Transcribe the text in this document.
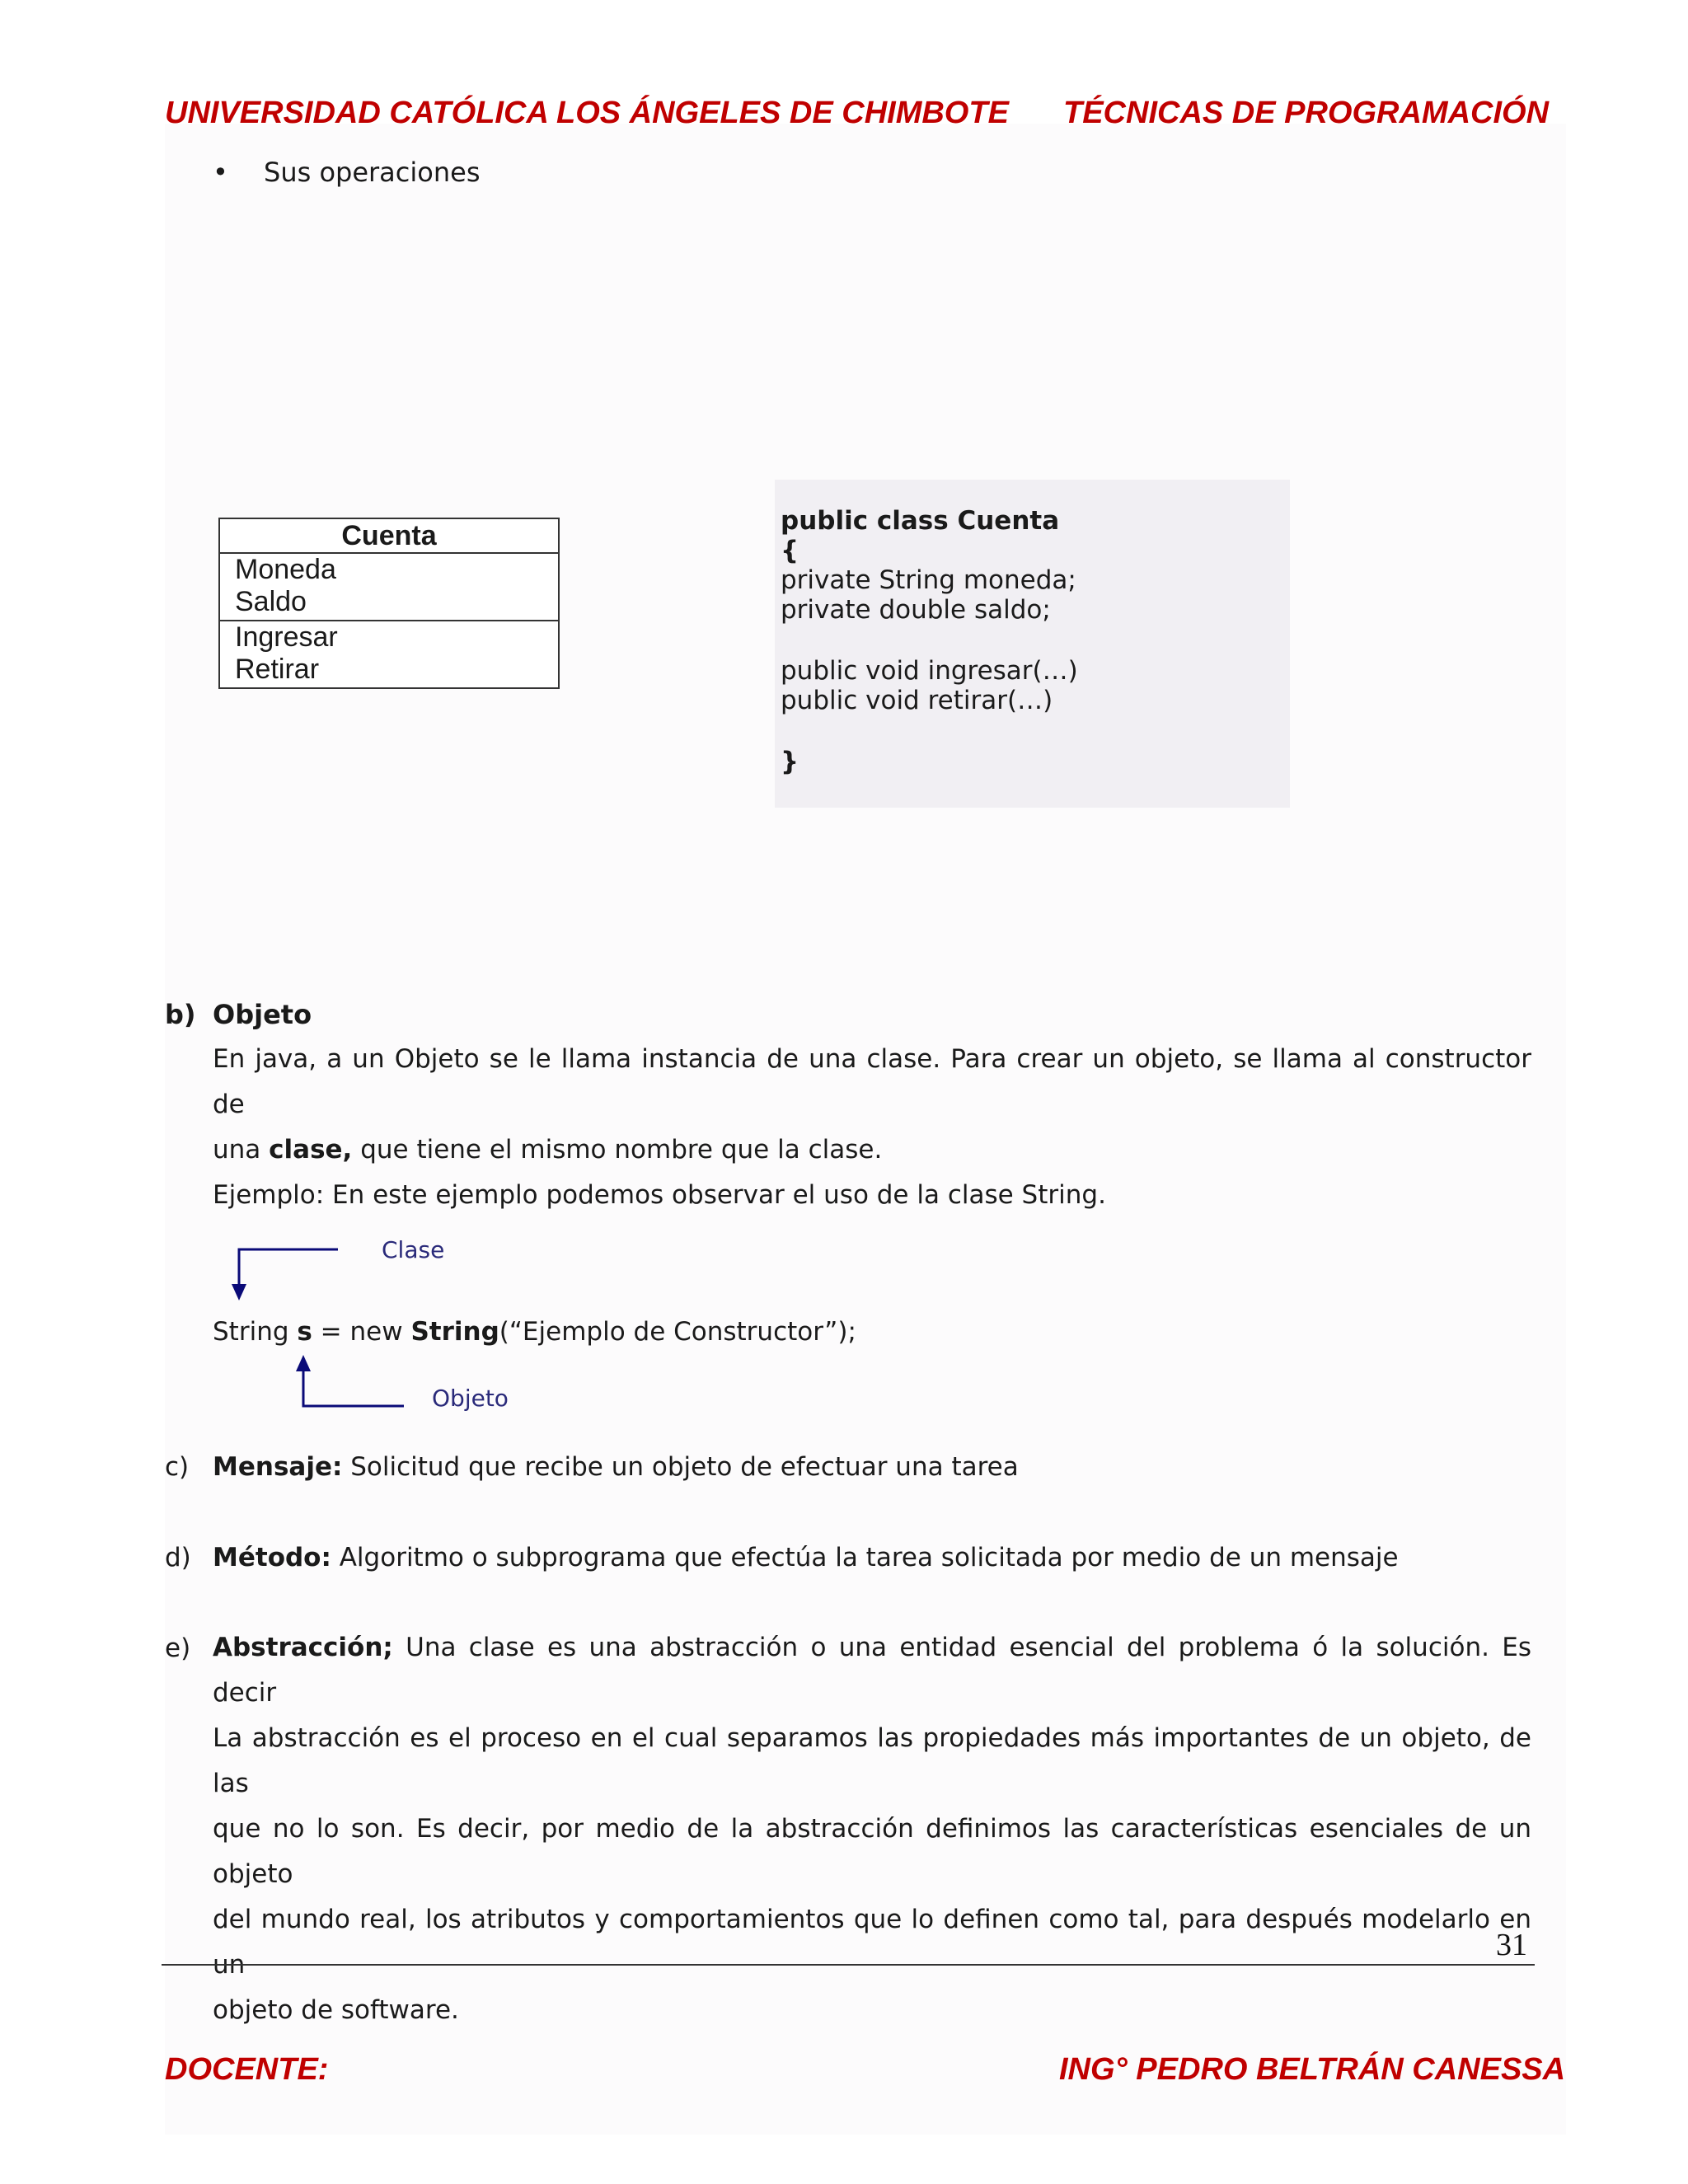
UNIVERSIDAD CATÓLICA LOS ÁNGELES DE CHIMBOTE TÉCNICAS DE PROGRAMACIÓN
• Sus operaciones
Cuenta
Moneda
Saldo
Ingresar
Retirar
public class Cuenta
{
private String moneda;
private double saldo;
public void ingresar(…)
public void retirar(…)
}
b) Objeto
En java, a un Objeto se le llama instancia de una clase. Para crear un objeto, se llama al constructor de
una clase, que tiene el mismo nombre que la clase.
Ejemplo: En este ejemplo podemos observar el uso de la clase String.
Clase
Objeto
String s = new String(“Ejemplo de Constructor”);
c) Mensaje: Solicitud que recibe un objeto de efectuar una tarea
d) Método: Algoritmo o subprograma que efectúa la tarea solicitada por medio de un mensaje
e) Abstracción; Una clase es una abstracción o una entidad esencial del problema ó la solución. Es decir
La abstracción es el proceso en el cual separamos las propiedades más importantes de un objeto, de las
que no lo son. Es decir, por medio de la abstracción definimos las características esenciales de un objeto
del mundo real, los atributos y comportamientos que lo definen como tal, para después modelarlo en un
objeto de software.
31
DOCENTE:	ING° PEDRO BELTRÁN CANESSA
